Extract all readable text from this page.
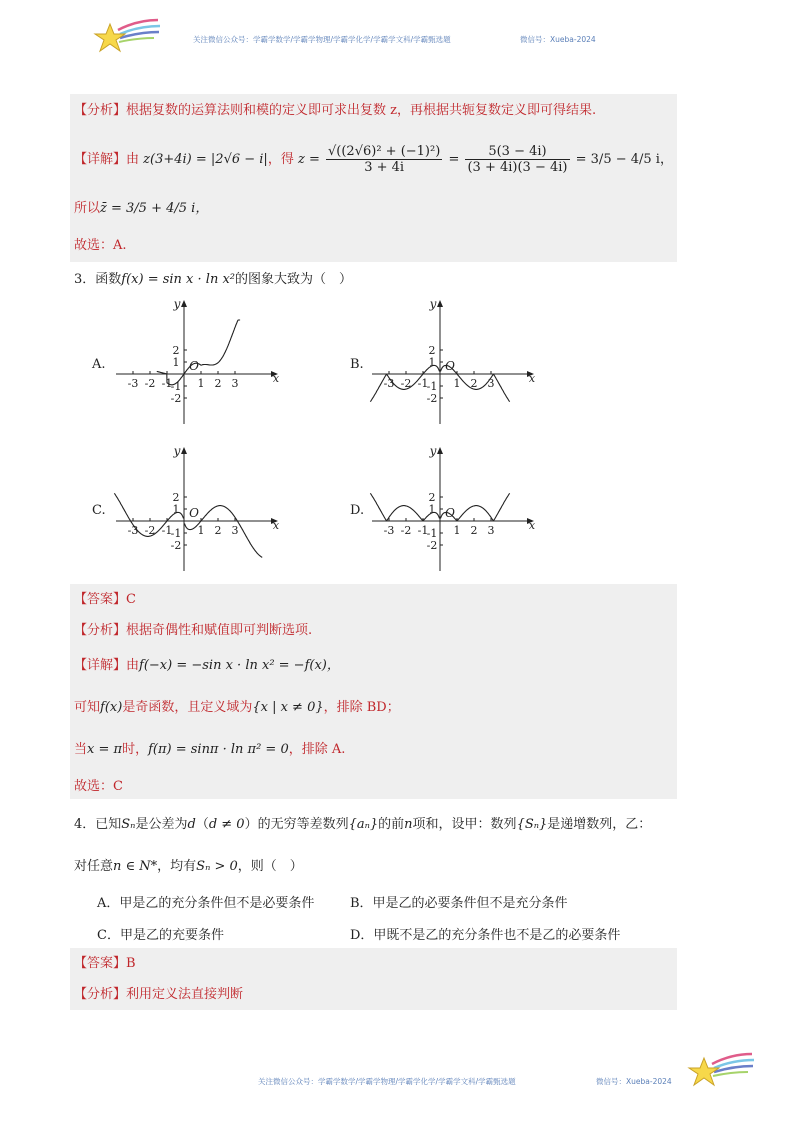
关注微信公众号：学霸学数学/学霸学物理/学霸学化学/学霸学文科/学霸甄选题	微信号：Xueba-2024
【分析】根据复数的运算法则和模的定义即可求出复数 z，再根据共轭复数定义即可得结果.
【详解】由 z(3+4i) = |2√6 − i|，得 $z = \frac{\text{√((2√6)² + (−1)²)}}{3 + 4i} = \frac{5(3 - 4i)}{(3 + 4i)(3 - 4i)} = 3/5 - 4/5$ i，
所以z̄ = 3/5 + 4/5 i，
故选：A.
3．函数f(x) = sin x · ln x²的图象大致为（　）
A.	B.
C.	D.
x
y
-3 -2 -1 1 2 3
2
1
-1
-2
O
x
y
-3 -2 -1 1 2 3
2
1
-1
-2
O
x
y
-3 -2 -1 1 2 3
2
1
-1
-2
O
x
y
-3 -2 -1 1 2 3
2
1
-1
-2
O
【答案】C
【分析】根据奇偶性和赋值即可判断选项.
【详解】由f(−x) = −sin x · ln x² = −f(x)，
可知f(x)是奇函数，且定义域为{x | x ≠ 0}，排除 BD；
当x = π时，f(π) = sinπ · ln π² = 0，排除 A.
故选：C
4．已知Sₙ是公差为d（d ≠ 0）的无穷等差数列{aₙ}的前n项和，设甲：数列{Sₙ}是递增数列，乙：
对任意n ∈ N*，均有Sₙ > 0，则（　）
A．甲是乙的充分条件但不是必要条件	B．甲是乙的必要条件但不是充分条件
C．甲是乙的充要条件	D．甲既不是乙的充分条件也不是乙的必要条件
【答案】B
【分析】利用定义法直接判断
关注微信公众号：学霸学数学/学霸学物理/学霸学化学/学霸学文科/学霸甄选题	微信号：Xueba-2024
